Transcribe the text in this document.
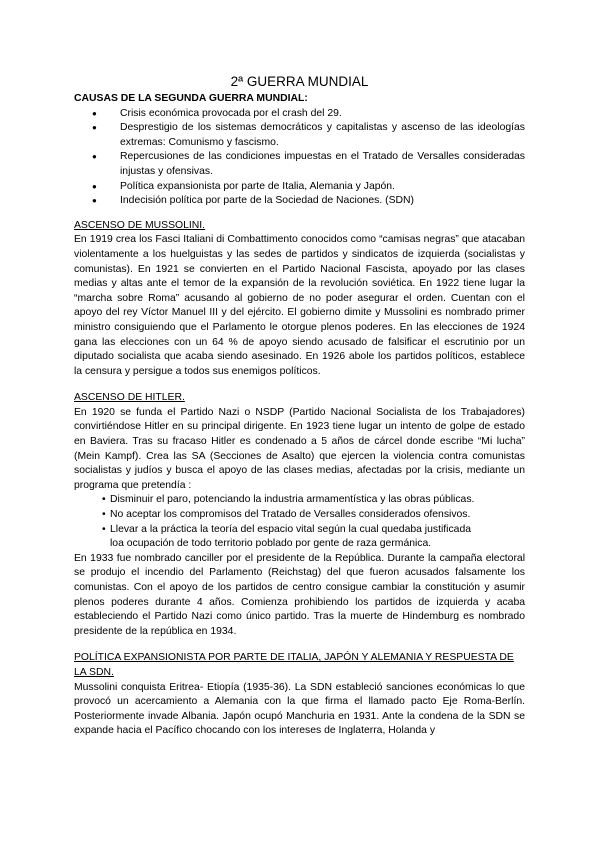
2ª GUERRA MUNDIAL
CAUSAS DE LA SEGUNDA GUERRA MUNDIAL:
● Crisis económica provocada por el crash del 29.
● Desprestigio de los sistemas democráticos y capitalistas y ascenso de las ideologías extremas: Comunismo y fascismo.
● Repercusiones de las condiciones impuestas en el Tratado de Versalles consideradas injustas y ofensivas.
● Política expansionista por parte de Italia, Alemania y Japón.
● Indecisión política por parte de la Sociedad de Naciones. (SDN)
ASCENSO DE MUSSOLINI.

En 1919 crea los Fasci Italiani di Combattimento conocidos como “camisas negras” que atacaban violentamente a los huelguistas y las sedes de partidos y sindicatos de izquierda (socialistas y comunistas). En 1921 se convierten en el Partido Nacional Fascista, apoyado por las clases medias y altas ante el temor de la expansión de la revolución soviética. En 1922 tiene lugar la “marcha sobre Roma” acusando al gobierno de no poder asegurar el orden. Cuentan con el apoyo del rey Víctor Manuel III y del ejército. El gobierno dimite y Mussolini es nombrado primer ministro consiguiendo que el Parlamento le otorgue plenos poderes. En las elecciones de 1924 gana las elecciones con un 64 % de apoyo siendo acusado de falsificar el escrutinio por un diputado socialista que acaba siendo asesinado. En 1926 abole los partidos políticos, establece la censura y persigue a todos sus enemigos políticos.

ASCENSO DE HITLER.

En 1920 se funda el Partido Nazi o NSDP (Partido Nacional Socialista de los Trabajadores) convirtiéndose Hitler en su principal dirigente. En 1923 tiene lugar un intento de golpe de estado en Baviera. Tras su fracaso Hitler es condenado a 5 años de cárcel donde escribe “Mi lucha” (Mein Kampf). Crea las SA (Secciones de Asalto) que ejercen la violencia contra comunistas socialistas y judíos y busca el apoyo de las clases medias, afectadas por la crisis, mediante un programa que pretendía :

• Disminuir el paro, potenciando la industria armamentística y las obras públicas.
• No aceptar los compromisos del Tratado de Versalles considerados ofensivos.
• Llevar a la práctica la teoría del espacio vital según la cual quedaba justificada
loa ocupación de todo territorio poblado por gente de raza germánica.

En 1933 fue nombrado canciller por el presidente de la República. Durante la campaña electoral se produjo el incendio del Parlamento (Reichstag) del que fueron acusados falsamente los comunistas. Con el apoyo de los partidos de centro consigue cambiar la constitución y asumir plenos poderes durante 4 años. Comienza prohibiendo los partidos de izquierda y acaba estableciendo el Partido Nazi como único partido. Tras la muerte de Hindemburg es nombrado presidente de la república en 1934.

POLÍTICA EXPANSIONISTA POR PARTE DE ITALIA, JAPÓN Y ALEMANIA Y RESPUESTA DE LA SDN.

Mussolini conquista Eritrea- Etiopía (1935-36). La SDN estableció sanciones económicas lo que provocó un acercamiento a Alemania con la que firma el llamado pacto Eje Roma-Berlín. Posteriormente invade Albania. Japón ocupó Manchuria en 1931. Ante la condena de la SDN se expande hacia el Pacífico chocando con los intereses de Inglaterra, Holanda y
